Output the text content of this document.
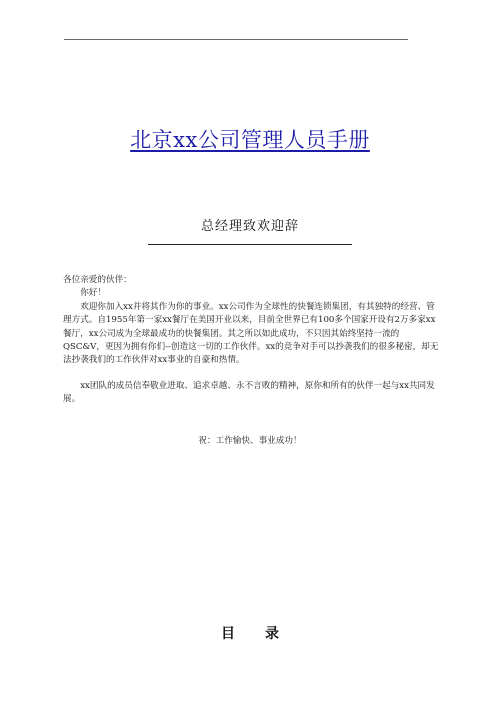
北京xx公司管理人员手册
总经理致欢迎辞

各位亲爱的伙伴：

你好！

欢迎你加入xx并将其作为你的事业。xx公司作为全球性的快餐连锁集团，有其独特的经营、管理方式。自1955年第一家xx餐厅在美国开业以来，目前全世界已有100多个国家开设有2万多家xx餐厅，xx公司成为全球最成功的快餐集团。其之所以如此成功，不只因其始终坚持一流的QSC&V，更因为拥有你们--创造这一切的工作伙伴。xx的竞争对手可以抄袭我们的很多秘密，却无法抄袭我们的工作伙伴对xx事业的自豪和热情。

xx团队的成员信奉敬业进取、追求卓越、永不言败的精神，原你和所有的伙伴一起与xx共同发展。

祝：工作愉快、事业成功！
目录
